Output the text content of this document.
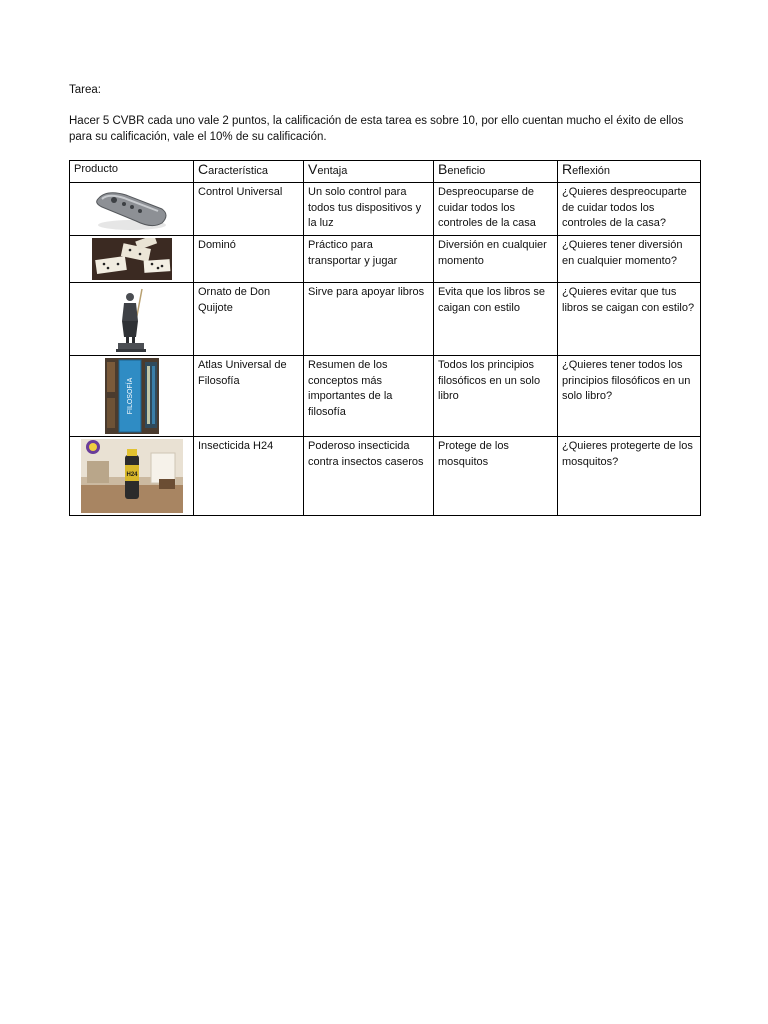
Tarea:
Hacer 5 CVBR cada uno vale 2 puntos, la calificación de esta tarea es sobre 10, por ello cuentan mucho el éxito de ellos para su calificación, vale el 10% de su calificación.
Producto	Característica	Ventaja	Beneficio	Reflexión

	Control Universal	Un solo control para todos tus dispositivos y la luz	Despreocuparse de cuidar todos los controles de la casa	¿Quieres despreocuparte de cuidar todos los controles de la casa?

	Dominó	Práctico para transportar y jugar	Diversión en cualquier momento	¿Quieres tener diversión en cualquier momento?

	Ornato de Don Quijote	Sirve para apoyar libros	Evita que los libros se caigan con estilo	¿Quieres evitar que tus libros se caigan con estilo?

FILOSOFÍA	Atlas Universal de Filosofía	Resumen de los conceptos más importantes de la filosofía	Todos los principios filosóficos en un solo libro	¿Quieres tener todos los principios filosóficos en un solo libro?

H24	Insecticida H24	Poderoso insecticida contra insectos caseros	Protege de los mosquitos	¿Quieres protegerte de los mosquitos?
